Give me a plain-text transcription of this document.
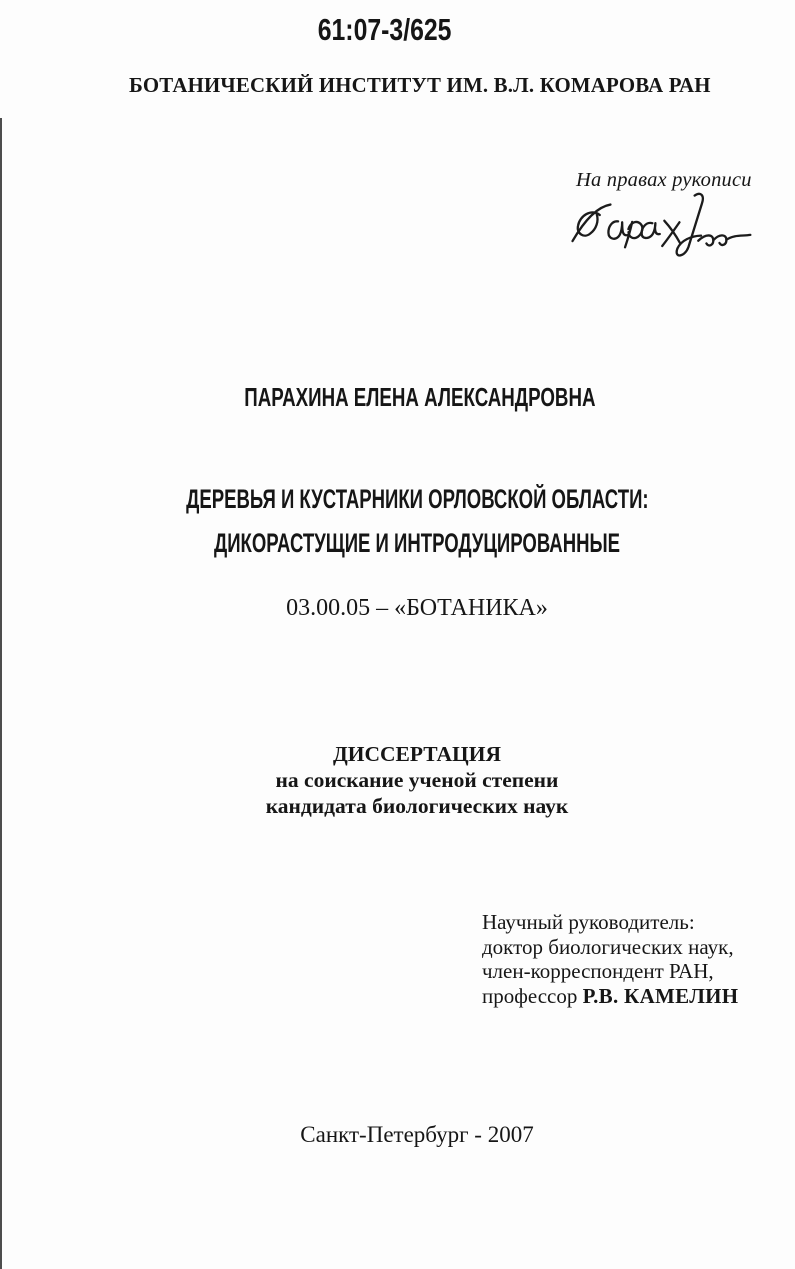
61:07-3/625
БОТАНИЧЕСКИЙ ИНСТИТУТ ИМ. В.Л. КОМАРОВА РАН
На правах рукописи
ПАРАХИНА ЕЛЕНА АЛЕКСАНДРОВНА
ДЕРЕВЬЯ И КУСТАРНИКИ ОРЛОВСКОЙ ОБЛАСТИ:
ДИКОРАСТУЩИЕ И ИНТРОДУЦИРОВАННЫЕ
03.00.05 – «БОТАНИКА»
ДИССЕРТАЦИЯ
на соискание ученой степени
кандидата биологических наук
Научный руководитель:
доктор биологических наук,
член-корреспондент РАН,
профессор Р.В. КАМЕЛИН
Санкт-Петербург - 2007
